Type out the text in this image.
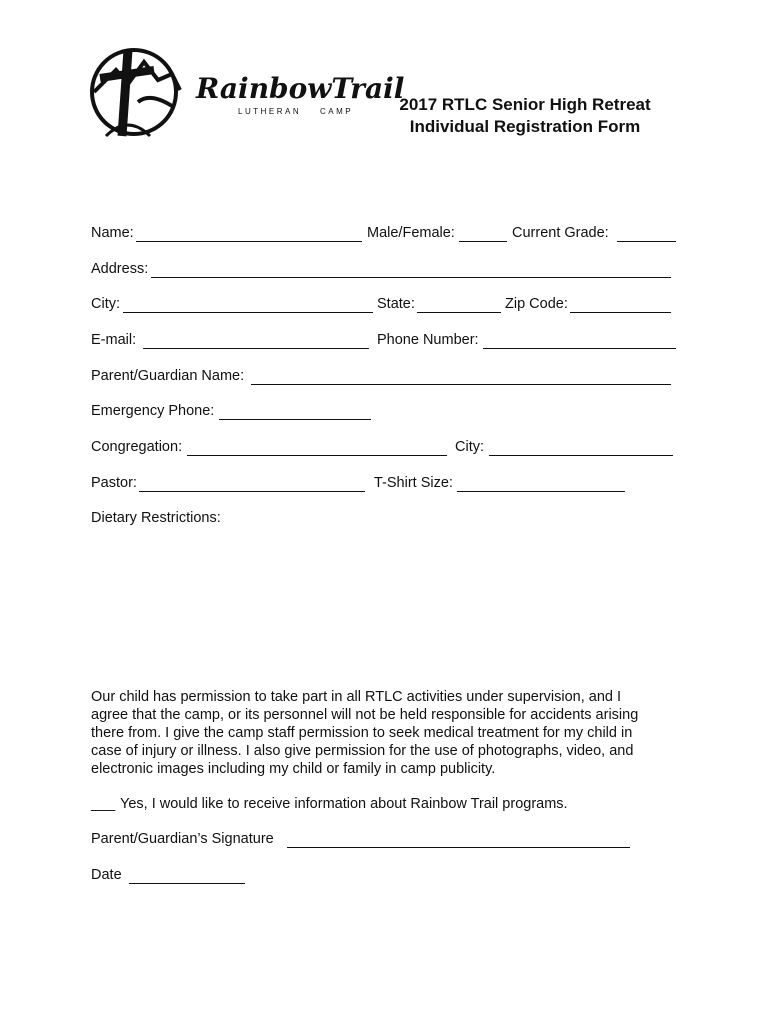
RainbowTrail
LUTHERAN CAMP	2017 RTLC Senior High Retreat
Individual Registration Form
Name:	Male/Female:	Current Grade:
Address:
City:	State:	Zip Code:
E-mail:	Phone Number:
Parent/Guardian Name:
Emergency Phone:
Congregation:	City:
Pastor:	T-Shirt Size:
Dietary Restrictions:
Our child has permission to take part in all RTLC activities under supervision, and I
agree that the camp, or its personnel will not be held responsible for accidents arising
there from. I give the camp staff permission to seek medical treatment for my child in
case of injury or illness. I also give permission for the use of photographs, video, and
electronic images including my child or family in camp publicity.
___ Yes, I would like to receive information about Rainbow Trail programs.
Parent/Guardian’s Signature
Date
